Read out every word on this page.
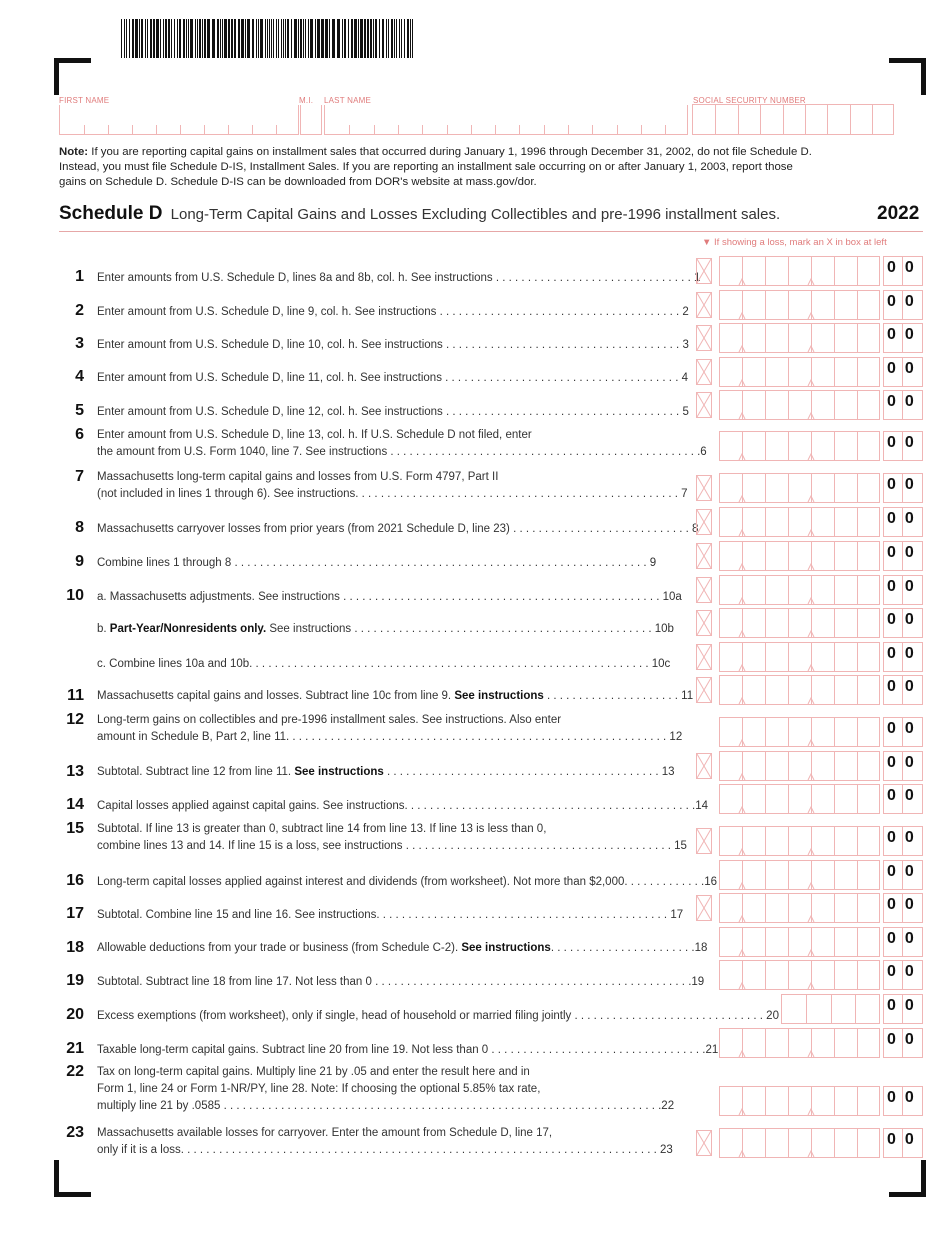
FIRST NAME	M.I. LAST NAME	SOCIAL SECURITY NUMBER
Note: If you are reporting capital gains on installment sales that occurred during January 1, 1996 through December 31, 2002, do not file Schedule D. Instead, you must file Schedule D-IS, Installment Sales. If you are reporting an installment sale occurring on or after January 1, 2003, report those gains on Schedule D. Schedule D-IS can be downloaded from DOR's website at mass.gov/dor.
Schedule D Long-Term Capital Gains and Losses Excluding Collectibles and pre-1996 installment sales.	2022
▼ If showing a loss, mark an X in box at left
1 Enter amounts from U.S. Schedule D, lines 8a and 8b, col. h. See instructions . . . . . . . . . . . . . . . . . . . . . . . . . . . . . . . 1
00
2 Enter amount from U.S. Schedule D, line 9, col. h. See instructions . . . . . . . . . . . . . . . . . . . . . . . . . . . . . . . . . . . . . . 2
00
3 Enter amount from U.S. Schedule D, line 10, col. h. See instructions . . . . . . . . . . . . . . . . . . . . . . . . . . . . . . . . . . . . . 3
00
4 Enter amount from U.S. Schedule D, line 11, col. h. See instructions . . . . . . . . . . . . . . . . . . . . . . . . . . . . . . . . . . . . . 4
00
5 Enter amount from U.S. Schedule D, line 12, col. h. See instructions . . . . . . . . . . . . . . . . . . . . . . . . . . . . . . . . . . . . . 5
00
6 Enter amount from U.S. Schedule D, line 13, col. h. If U.S. Schedule D not filed, enter
the amount from U.S. Form 1040, line 7. See instructions . . . . . . . . . . . . . . . . . . . . . . . . . . . . . . . . . . . . . . . . . . . . . . . . .6
00
7 Massachusetts long-term capital gains and losses from U.S. Form 4797, Part II
(not included in lines 1 through 6). See instructions. . . . . . . . . . . . . . . . . . . . . . . . . . . . . . . . . . . . . . . . . . . . . . . . . . . 7
00
8 Massachusetts carryover losses from prior years (from 2021 Schedule D, line 23) . . . . . . . . . . . . . . . . . . . . . . . . . . . . 8
00
9 Combine lines 1 through 8 . . . . . . . . . . . . . . . . . . . . . . . . . . . . . . . . . . . . . . . . . . . . . . . . . . . . . . . . . . . . . . . . . 9
00
10 a. Massachusetts adjustments. See instructions . . . . . . . . . . . . . . . . . . . . . . . . . . . . . . . . . . . . . . . . . . . . . . . . . . 10a
00
b. Part-Year/Nonresidents only. See instructions . . . . . . . . . . . . . . . . . . . . . . . . . . . . . . . . . . . . . . . . . . . . . . . 10b
00
c. Combine lines 10a and 10b. . . . . . . . . . . . . . . . . . . . . . . . . . . . . . . . . . . . . . . . . . . . . . . . . . . . . . . . . . . . . . . 10c
00
11 Massachusetts capital gains and losses. Subtract line 10c from line 9. See instructions . . . . . . . . . . . . . . . . . . . . . 11
00
12 Long-term gains on collectibles and pre-1996 installment sales. See instructions. Also enter
amount in Schedule B, Part 2, line 11. . . . . . . . . . . . . . . . . . . . . . . . . . . . . . . . . . . . . . . . . . . . . . . . . . . . . . . . . . . . 12	00
13 Subtotal. Subtract line 12 from line 11. See instructions . . . . . . . . . . . . . . . . . . . . . . . . . . . . . . . . . . . . . . . . . . . 13
00
14 Capital losses applied against capital gains. See instructions. . . . . . . . . . . . . . . . . . . . . . . . . . . . . . . . . . . . . . . . . . . . . .14
00
15 Subtotal. If line 13 is greater than 0, subtract line 14 from line 13. If line 13 is less than 0,
combine lines 13 and 14. If line 15 is a loss, see instructions . . . . . . . . . . . . . . . . . . . . . . . . . . . . . . . . . . . . . . . . . . 15	00
16 Long-term capital losses applied against interest and dividends (from worksheet). Not more than $2,000. . . . . . . . . . . . .16
00
17 Subtotal. Combine line 15 and line 16. See instructions. . . . . . . . . . . . . . . . . . . . . . . . . . . . . . . . . . . . . . . . . . . . . . 17
00
18 Allowable deductions from your trade or business (from Schedule C-2). See instructions. . . . . . . . . . . . . . . . . . . . . . .18
00
19 Subtotal. Subtract line 18 from line 17. Not less than 0 . . . . . . . . . . . . . . . . . . . . . . . . . . . . . . . . . . . . . . . . . . . . . . . . . .19
00
20 Excess exemptions (from worksheet), only if single, head of household or married filing jointly . . . . . . . . . . . . . . . . . . . . . . . . . . . . . . 20
00
21 Taxable long-term capital gains. Subtract line 20 from line 19. Not less than 0 . . . . . . . . . . . . . . . . . . . . . . . . . . . . . . . . . .21
00
22 Tax on long-term capital gains. Multiply line 21 by .05 and enter the result here and in
Form 1, line 24 or Form 1-NR/PY, line 28. Note: If choosing the optional 5.85% tax rate,
multiply line 21 by .0585 . . . . . . . . . . . . . . . . . . . . . . . . . . . . . . . . . . . . . . . . . . . . . . . . . . . . . . . . . . . . . . . . . . . . .22	00
23 Massachusetts available losses for carryover. Enter the amount from Schedule D, line 17,
only if it is a loss. . . . . . . . . . . . . . . . . . . . . . . . . . . . . . . . . . . . . . . . . . . . . . . . . . . . . . . . . . . . . . . . . . . . . . . . . . . 23
00
